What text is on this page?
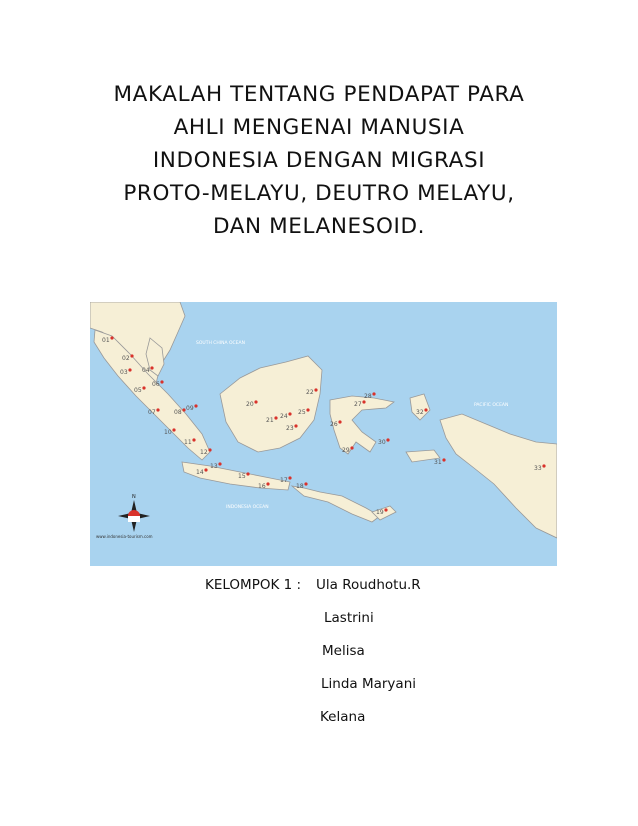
MAKALAH TENTANG PENDAPAT PARA
AHLI MENGENAI MANUSIA
INDONESIA DENGAN MIGRASI
PROTO-MELAYU, DEUTRO MELAYU,
DAN MELANESOID.
SOUTH CHINA OCEAN
PACIFIC OCEAN
INDONESIA OCEAN
N
www.indonesia-tourism.com
01
02
03 04
05
06
07	08
09
10
11
12
13
14
15
16
17
18
19
20
21
22
23
24
25
26
27
28
29
30
31
32
33
KELOMPOK 1 : Ula Roudhotu.R
Lastrini
Melisa
Linda Maryani
Kelana
